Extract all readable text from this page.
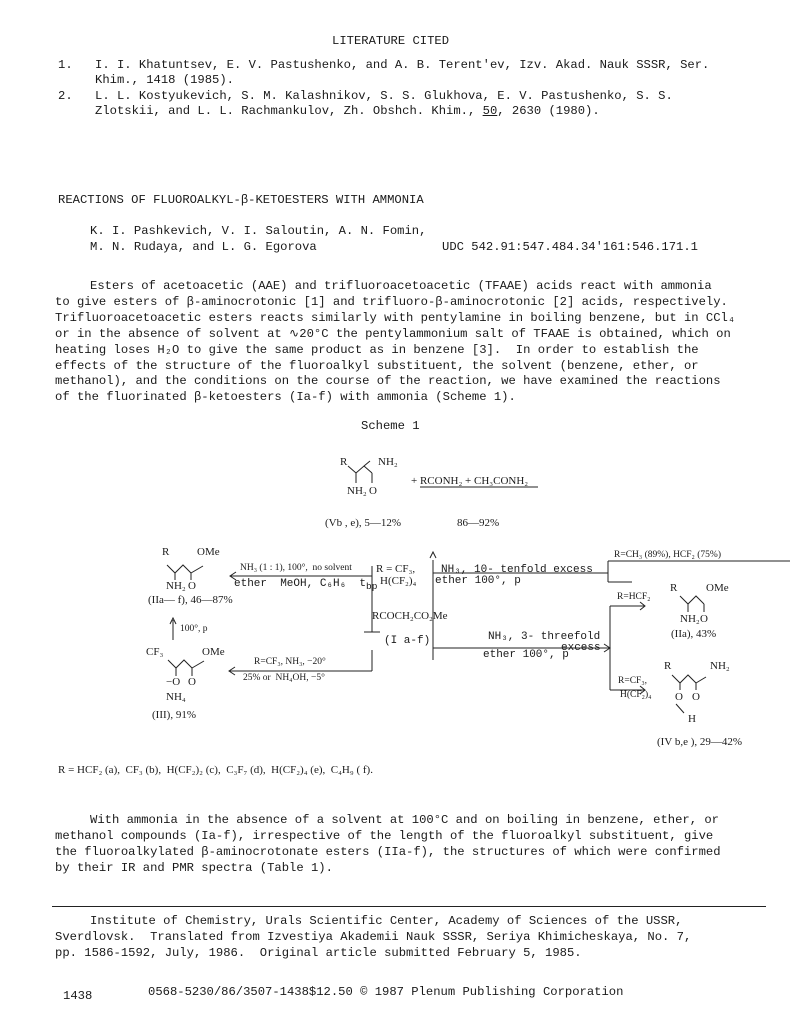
LITERATURE CITED
1. I. I. Khatuntsev, E. V. Pastushenko, and A. B. Terent'ev, Izv. Akad. Nauk SSSR, Ser.
Khim., 1418 (1985).
2. L. L. Kostyukevich, S. M. Kalashnikov, S. S. Glukhova, E. V. Pastushenko, S. S.
Zlotskii, and L. L. Rachmankulov, Zh. Obshch. Khim., 50, 2630 (1980).
REACTIONS OF FLUOROALKYL-β-KETOESTERS WITH AMMONIA
K. I. Pashkevich, V. I. Saloutin, A. N. Fomin,
M. N. Rudaya, and L. G. Egorova	UDC 542.91:547.484.34'161:546.171.1
Esters of acetoacetic (AAE) and trifluoroacetoacetic (TFAAE) acids react with ammonia
to give esters of β-aminocrotonic [1] and trifluoro-β-aminocrotonic [2] acids, respectively.
Trifluoroacetoacetic esters reacts similarly with pentylamine in boiling benzene, but in CCl₄
or in the absence of solvent at ∿20°C the pentylammonium salt of TFAAE is obtained, which on
heating loses H₂O to give the same product as in benzene [3].  In order to establish the
effects of the structure of the fluoroalkyl substituent, the solvent (benzene, ether, or
methanol), and the conditions on the course of the reaction, we have examined the reactions
of the fluorinated β-ketoesters (Ia-f) with ammonia (Scheme 1).
Scheme 1
R	NH₂
NH₂ O
+ RCONH₂ + CH₃CONH₂
(Vb , e), 5—12%	86—92%
R	OMe
NH₂ O
(IIa— f), 46—87%
NH₃ (1 : 1), 100°,  no solvent
ether  MeOH, C₆H₆  $t_{bp}$
R = CF₃,
H(CF₂)₄
NH₃, 10- tenfold excess
ether 100°, p
100°, p
CF₃	OMe
−O O
NH₄
(III), 91%
RCOCH₂CO₂Me
(I a-f)
R=CF₃, NH₃, −20°
25% or  NH₄OH, −5°
NH₃, 3- threefold
ether 100°, p
excess
R=CH₃ (89%), HCF₂ (75%)
R=HCF₂
R	OMe
NH₂ O
(IIa), 43%
R=CF₃,
H(CF₂)₄
R	NH₂
O O
H
(IV b,e ), 29—42%
R = HCF₂ (a),  CF₃ (b),  H(CF₂)₂ (c),  C₃F₇ (d),  H(CF₂)₄ (e),  C₄H₉ ( f).
With ammonia in the absence of a solvent at 100°C and on boiling in benzene, ether, or
methanol compounds (Ia-f), irrespective of the length of the fluoroalkyl substituent, give
the fluoroalkylated β-aminocrotonate esters (IIa-f), the structures of which were confirmed
by their IR and PMR spectra (Table 1).
Institute of Chemistry, Urals Scientific Center, Academy of Sciences of the USSR,
Sverdlovsk.  Translated from Izvestiya Akademii Nauk SSSR, Seriya Khimicheskaya, No. 7,
pp. 1586-1592, July, 1986.  Original article submitted February 5, 1985.
1438	0568-5230/86/3507-1438$12.50 © 1987 Plenum Publishing Corporation
